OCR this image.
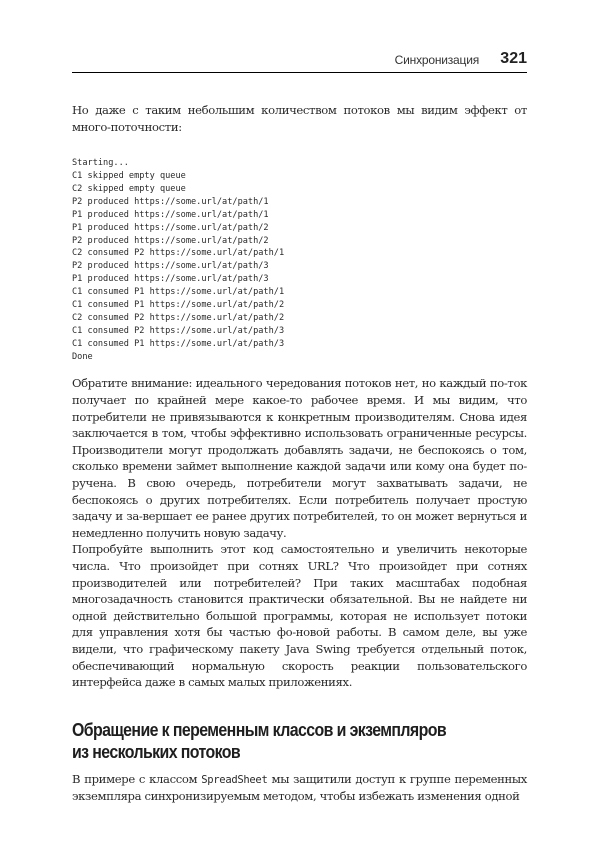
Синхронизация 321

Но даже с таким небольшим количеством потоков мы видим эффект от много-поточности:

Starting...
C1 skipped empty queue
C2 skipped empty queue
P2 produced https://some.url/at/path/1
P1 produced https://some.url/at/path/1
P1 produced https://some.url/at/path/2
P2 produced https://some.url/at/path/2
C2 consumed P2 https://some.url/at/path/1
P2 produced https://some.url/at/path/3
P1 produced https://some.url/at/path/3
C1 consumed P1 https://some.url/at/path/1
C1 consumed P1 https://some.url/at/path/2
C2 consumed P2 https://some.url/at/path/2
C1 consumed P2 https://some.url/at/path/3
C1 consumed P1 https://some.url/at/path/3
Done

Обратите внимание: идеального чередования потоков нет, но каждый по-ток получает по крайней мере какое-то рабочее время. И мы видим, что потребители не привязываются к конкретным производителям. Снова идея заключается в том, чтобы эффективно использовать ограниченные ресурсы. Производители могут продолжать добавлять задачи, не беспокоясь о том, сколько времени займет выполнение каждой задачи или кому она будет по-ручена. В свою очередь, потребители могут захватывать задачи, не беспокоясь о других потребителях. Если потребитель получает простую задачу и за-вершает ее ранее других потребителей, то он может вернуться и немедленно получить новую задачу.

Попробуйте выполнить этот код самостоятельно и увеличить некоторые числа. Что произойдет при сотнях URL? Что произойдет при сотнях производителей или потребителей? При таких масштабах подобная многозадачность становится практически обязательной. Вы не найдете ни одной действительно большой программы, которая не использует потоки для управления хотя бы частью фо-новой работы. В самом деле, вы уже видели, что графическому пакету Java Swing требуется отдельный поток, обеспечивающий нормальную скорость реакции пользовательского интерфейса даже в самых малых приложениях.

Обращение к переменным классов и экземпляров
из нескольких потоков

В примере с классом SpreadSheet мы защитили доступ к группе переменных экземпляра синхронизируемым методом, чтобы избежать изменения одной
